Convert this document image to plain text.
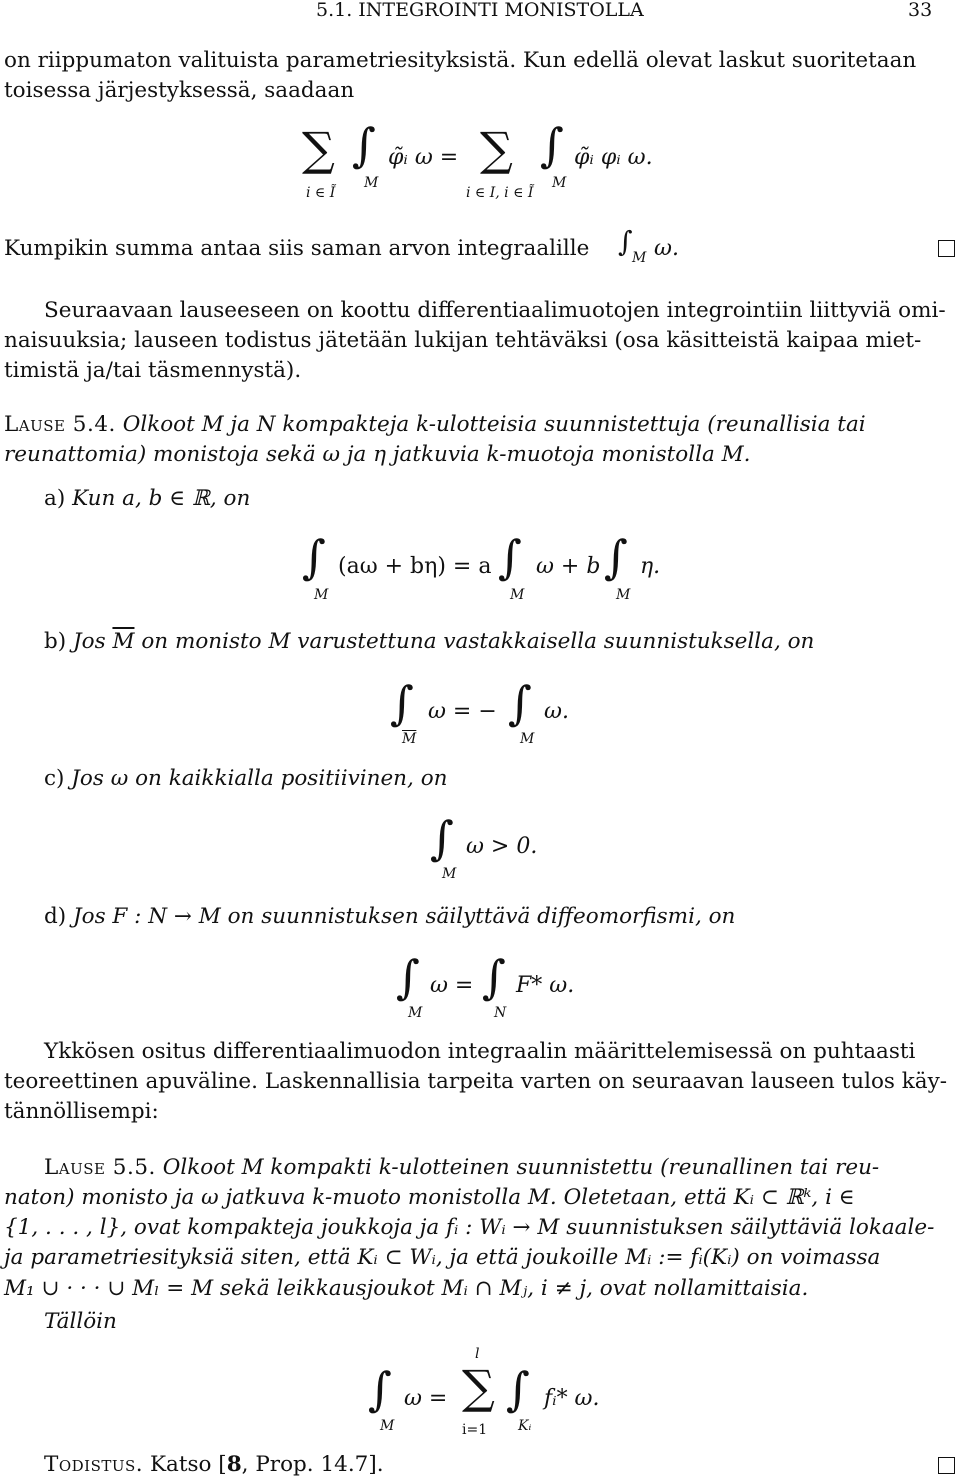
5.1. INTEGROINTI MONISTOLLA	33
on riippumaton valituista parametriesityksistä. Kun edellä olevat laskut suoritetaan
toisessa järjestyksessä, saadaan
∑
i ∈ Ĩ
∫
M
φ̃ᵢ ω = ∑
i ∈ I, i ∈ Ĩ
∫
M
φ̃ᵢ φᵢ ω.
Kumpikin summa antaa siis saman arvon integraalille ∫ M ω.
Seuraavaan lauseeseen on koottu differentiaalimuotojen integrointiin liittyviä omi-
naisuuksia; lauseen todistus jätetään lukijan tehtäväksi (osa käsitteistä kaipaa miet-
timistä ja/tai täsmennystä).
Lause 5.4. Olkoot M ja N kompakteja k-ulotteisia suunnistettuja (reunallisia tai
reunattomia) monistoja sekä ω ja η jatkuvia k-muotoja monistolla M.
a) Kun a, b ∈ ℝ, on
∫
M
(aω + bη) = a ∫
M
ω + b ∫
M
η.
b) Jos $\overline{M}$ on monisto M varustettuna vastakkaisella suunnistuksella, on
∫
$\overline{M}$
ω = − ∫
M
ω.
c) Jos ω on kaikkialla positiivinen, on
∫
M
ω > 0.
d) Jos F : N → M on suunnistuksen säilyttävä diffeomorfismi, on
∫
M
ω = ∫
N
F* ω.
Ykkösen ositus differentiaalimuodon integraalin määrittelemisessä on puhtaasti
teoreettinen apuväline. Laskennallisia tarpeita varten on seuraavan lauseen tulos käy-
tännöllisempi:
Lause 5.5. Olkoot M kompakti k-ulotteinen suunnistettu (reunallinen tai reu-
naton) monisto ja ω jatkuva k-muoto monistolla M. Oletetaan, että Kᵢ ⊂ ℝᵏ, i ∈
{1, . . . , l}, ovat kompakteja joukkoja ja fᵢ : Wᵢ → M suunnistuksen säilyttäviä lokaale-
ja parametriesityksiä siten, että Kᵢ ⊂ Wᵢ, ja että joukoille Mᵢ := fᵢ(Kᵢ) on voimassa
M₁ ∪ · · · ∪ Mₗ = M sekä leikkausjoukot Mᵢ ∩ Mⱼ, i ≠ j, ovat nollamittaisia.
Tällöin
∫
M
ω =
l
∑
i=1
∫
Kᵢ
fᵢ* ω.
Todistus. Katso [8, Prop. 14.7].
